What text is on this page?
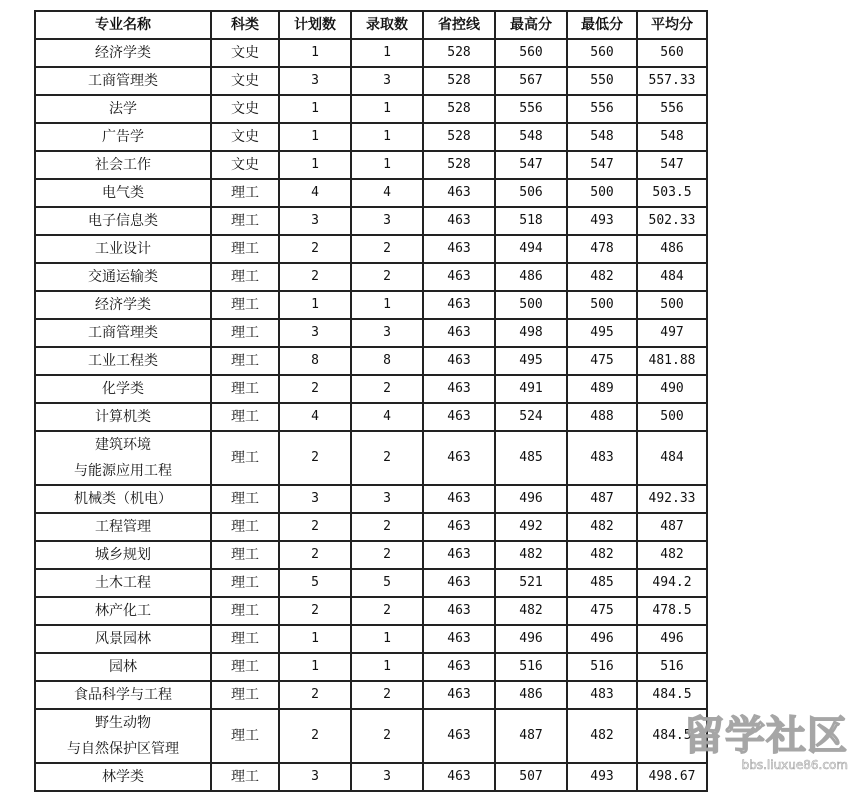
专业名称	科类	计划数	录取数	省控线	最高分	最低分	平均分

经济学类	文史	1	1	528	560	560	560

工商管理类	文史	3	3	528	567	550	557.33

法学	文史	1	1	528	556	556	556

广告学	文史	1	1	528	548	548	548

社会工作	文史	1	1	528	547	547	547

电气类	理工	4	4	463	506	500	503.5

电子信息类	理工	3	3	463	518	493	502.33

工业设计	理工	2	2	463	494	478	486

交通运输类	理工	2	2	463	486	482	484

经济学类	理工	1	1	463	500	500	500

工商管理类	理工	3	3	463	498	495	497

工业工程类	理工	8	8	463	495	475	481.88

化学类	理工	2	2	463	491	489	490

计算机类	理工	4	4	463	524	488	500

建筑环境
与能源应用工程	理工	2	2	463	485	483	484

机械类（机电）	理工	3	3	463	496	487	492.33

工程管理	理工	2	2	463	492	482	487

城乡规划	理工	2	2	463	482	482	482

土木工程	理工	5	5	463	521	485	494.2

林产化工	理工	2	2	463	482	475	478.5

风景园林	理工	1	1	463	496	496	496

园林	理工	1	1	463	516	516	516

食品科学与工程	理工	2	2	463	486	483	484.5

野生动物
与自然保护区管理	理工	2	2	463	487	482	484.5

林学类	理工	3	3	463	507	493	498.67
留学社区
bbs.liuxue86.com
